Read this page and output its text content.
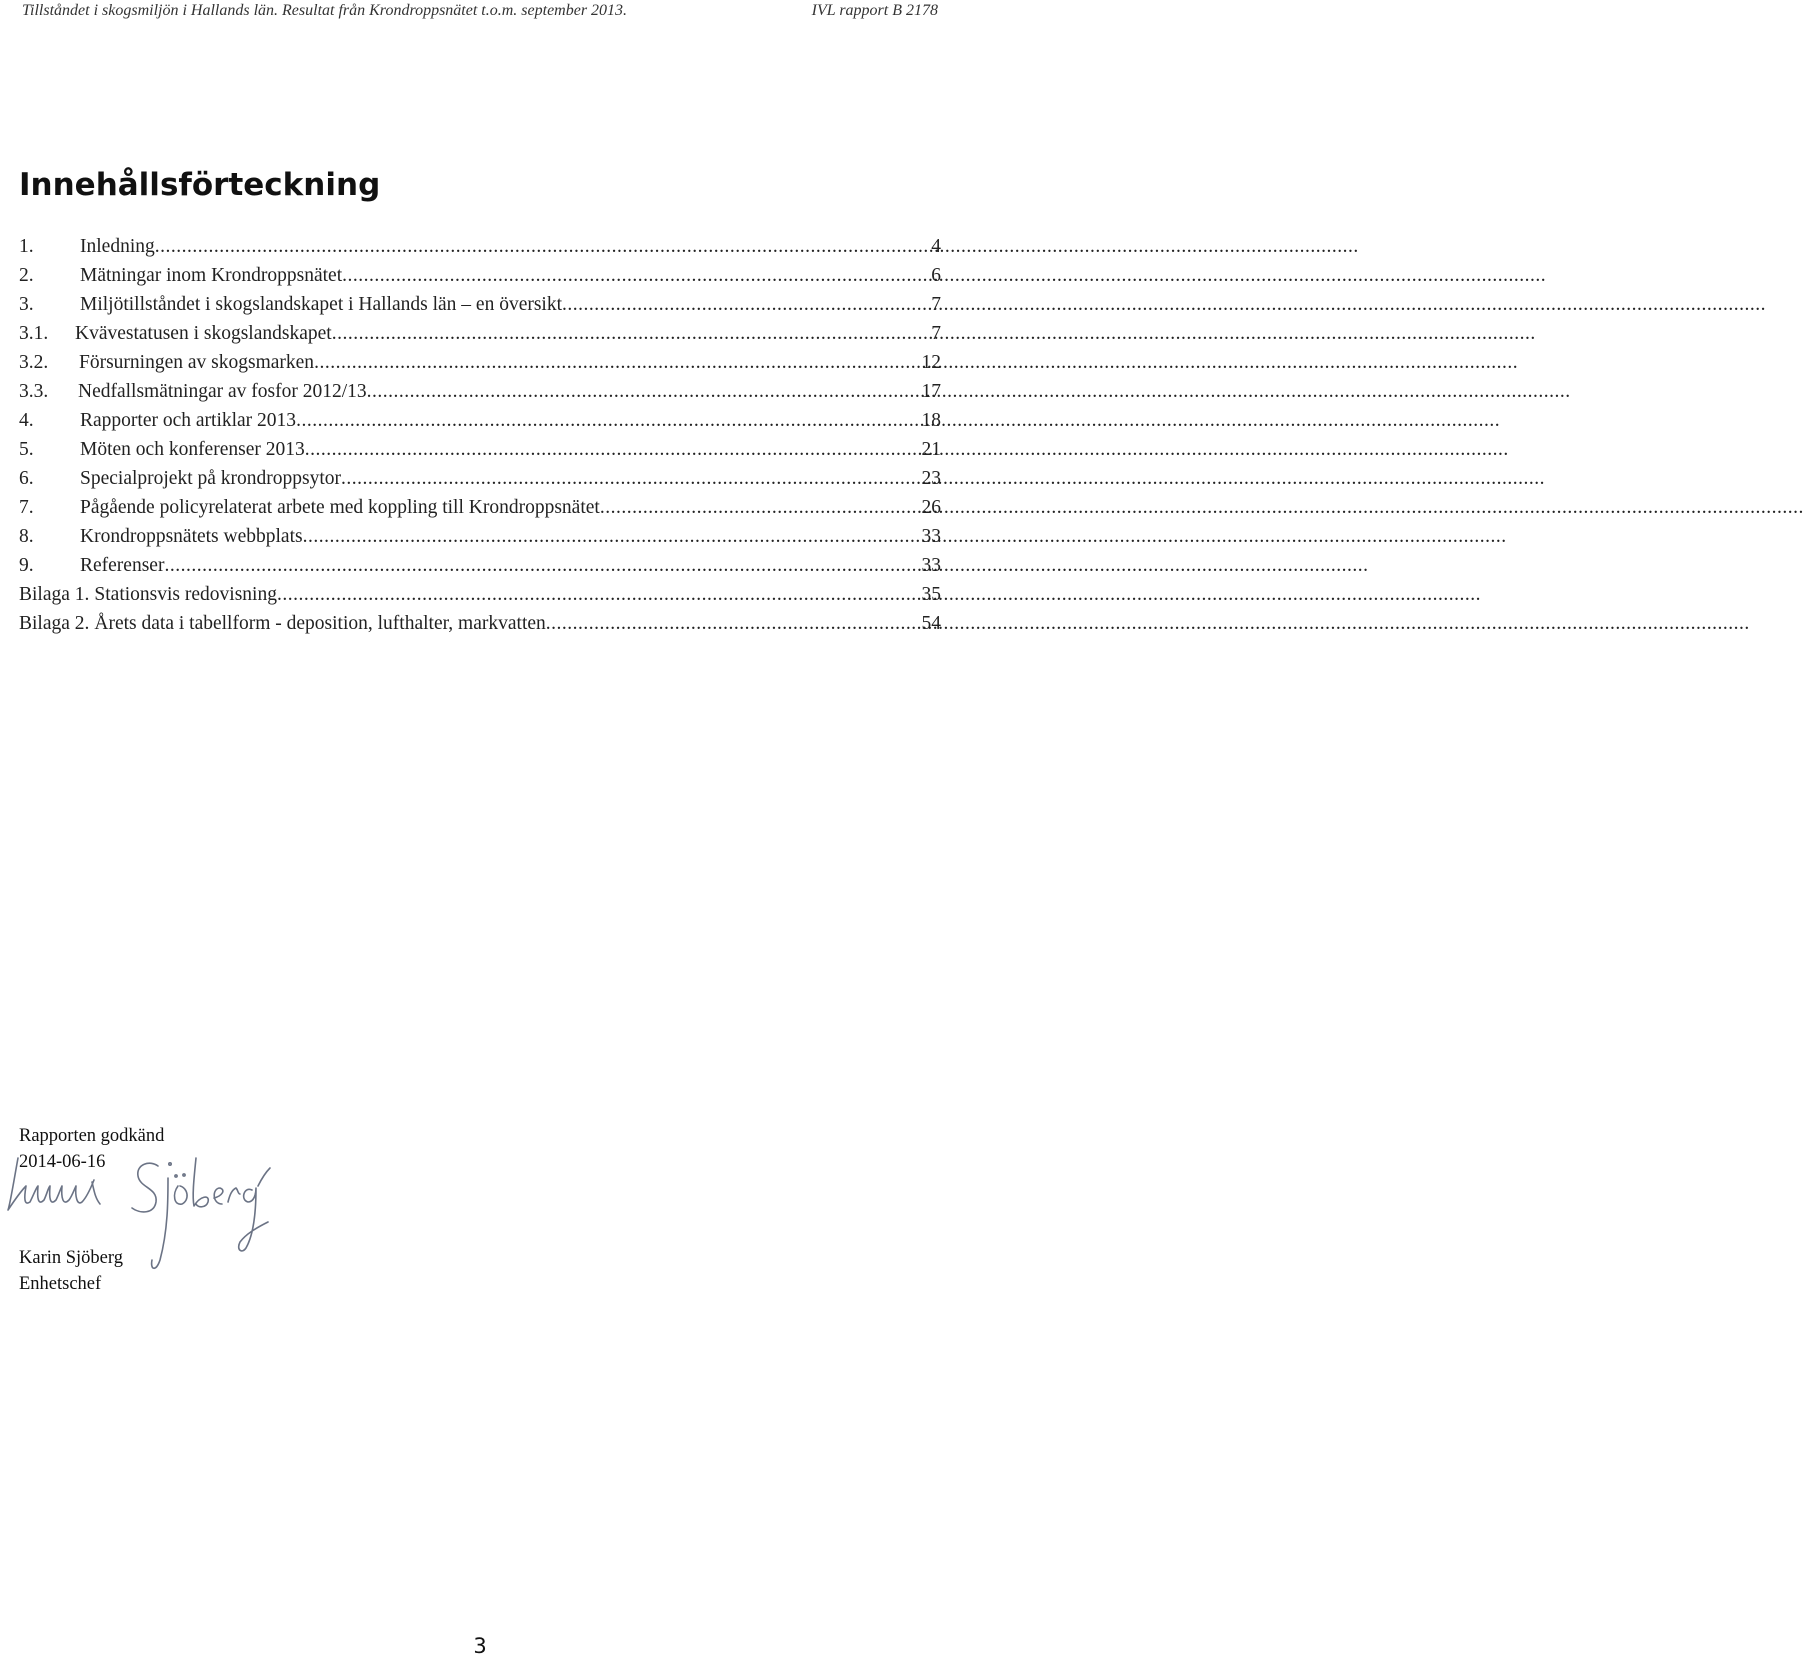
Tillståndet i skogsmiljön i Hallands län. Resultat från Krondroppsnätet t.o.m. september 2013.	IVL rapport B 2178
Innehållsförteckning
1.	Inledning .....	4
2.	Mätningar inom Krondroppsnätet .....	6
3.	Miljötillståndet i skogslandskapet i Hallands län – en översikt .....	7
3.1.	Kvävestatusen i skogslandskapet .....	7
3.2.	Försurningen av skogsmarken .....	12
3.3.	Nedfallsmätningar av fosfor 2012/13 .....	17
4.	Rapporter och artiklar 2013 .....	18
5.	Möten och konferenser 2013 .....	21
6.	Specialprojekt på krondroppsytor .....	23
7.	Pågående policyrelaterat arbete med koppling till Krondroppsnätet .....	26
8.	Krondroppsnätets webbplats .....	33
9.	Referenser .....	33
Bilaga 1. Stationsvis redovisning .....	35
Bilaga 2. Årets data i tabellform - deposition, lufthalter, markvatten .....	54
Rapporten godkänd
2014-06-16
Karin Sjöberg
Enhetschef
3
